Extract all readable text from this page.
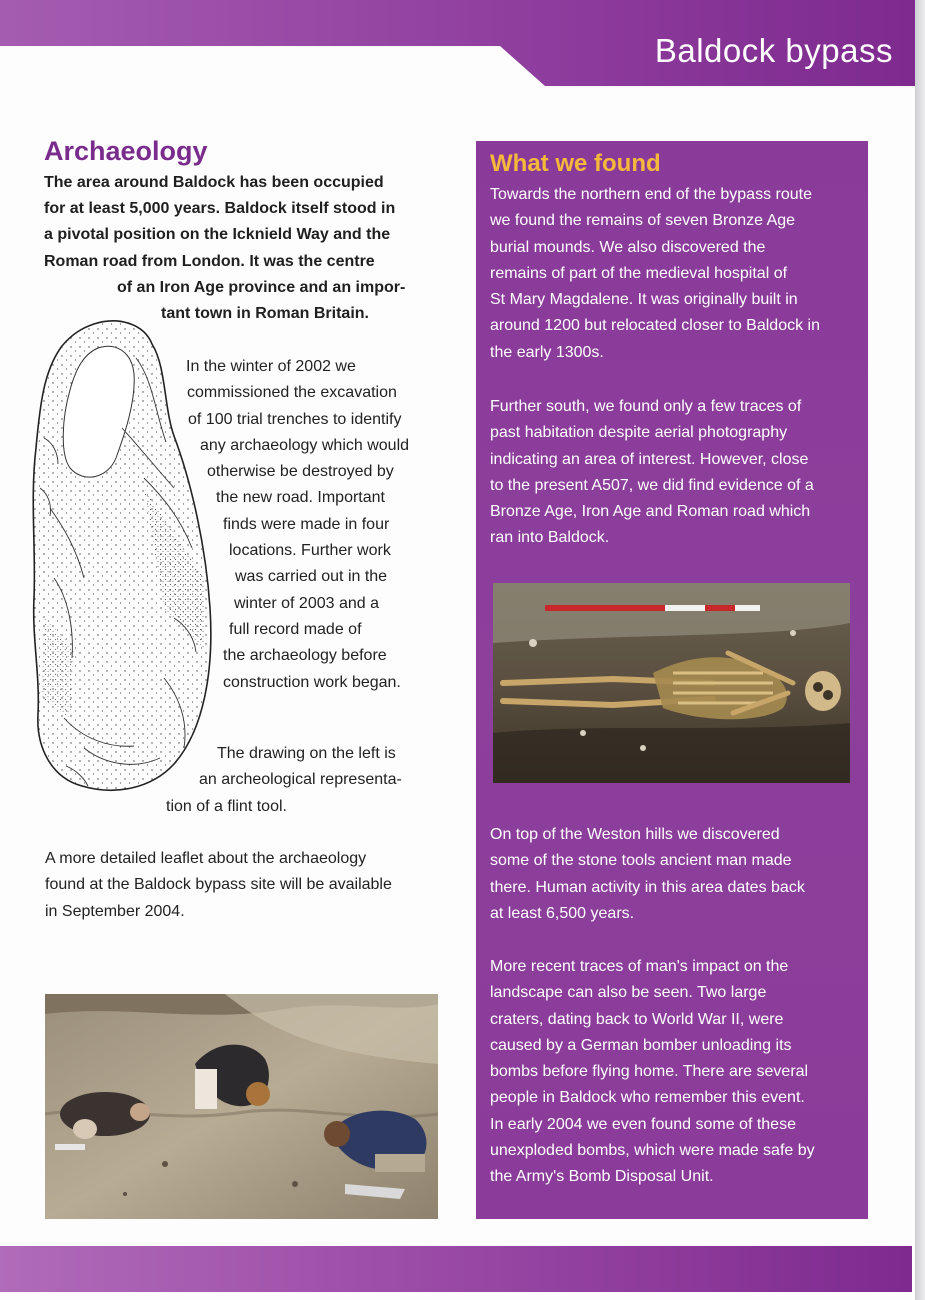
Baldock bypass
Archaeology
The area around Baldock has been occupied
for at least 5,000 years. Baldock itself stood in
a pivotal position on the Icknield Way and the
Roman road from London. It was the centre
of an Iron Age province and an impor-
tant town in Roman Britain.
In the winter of 2002 we
commissioned the excavation
of 100 trial trenches to identify
any archaeology which would
otherwise be destroyed by
the new road. Important
finds were made in four
locations. Further work
was carried out in the
winter of 2003 and a
full record made of
the archaeology before
construction work began.
The drawing on the left is
an archeological representa-
tion of a flint tool.
A more detailed leaflet about the archaeology
found at the Baldock bypass site will be available
in September 2004.
What we found
Towards the northern end of the bypass route
we found the remains of seven Bronze Age
burial mounds. We also discovered the
remains of part of the medieval hospital of
St Mary Magdalene. It was originally built in
around 1200 but relocated closer to Baldock in
the early 1300s.
Further south, we found only a few traces of
past habitation despite aerial photography
indicating an area of interest. However, close
to the present A507, we did find evidence of a
Bronze Age, Iron Age and Roman road which
ran into Baldock.
On top of the Weston hills we discovered
some of the stone tools ancient man made
there. Human activity in this area dates back
at least 6,500 years.
More recent traces of man's impact on the
landscape can also be seen. Two large
craters, dating back to World War II, were
caused by a German bomber unloading its
bombs before flying home. There are several
people in Baldock who remember this event.
In early 2004 we even found some of these
unexploded bombs, which were made safe by
the Army's Bomb Disposal Unit.
